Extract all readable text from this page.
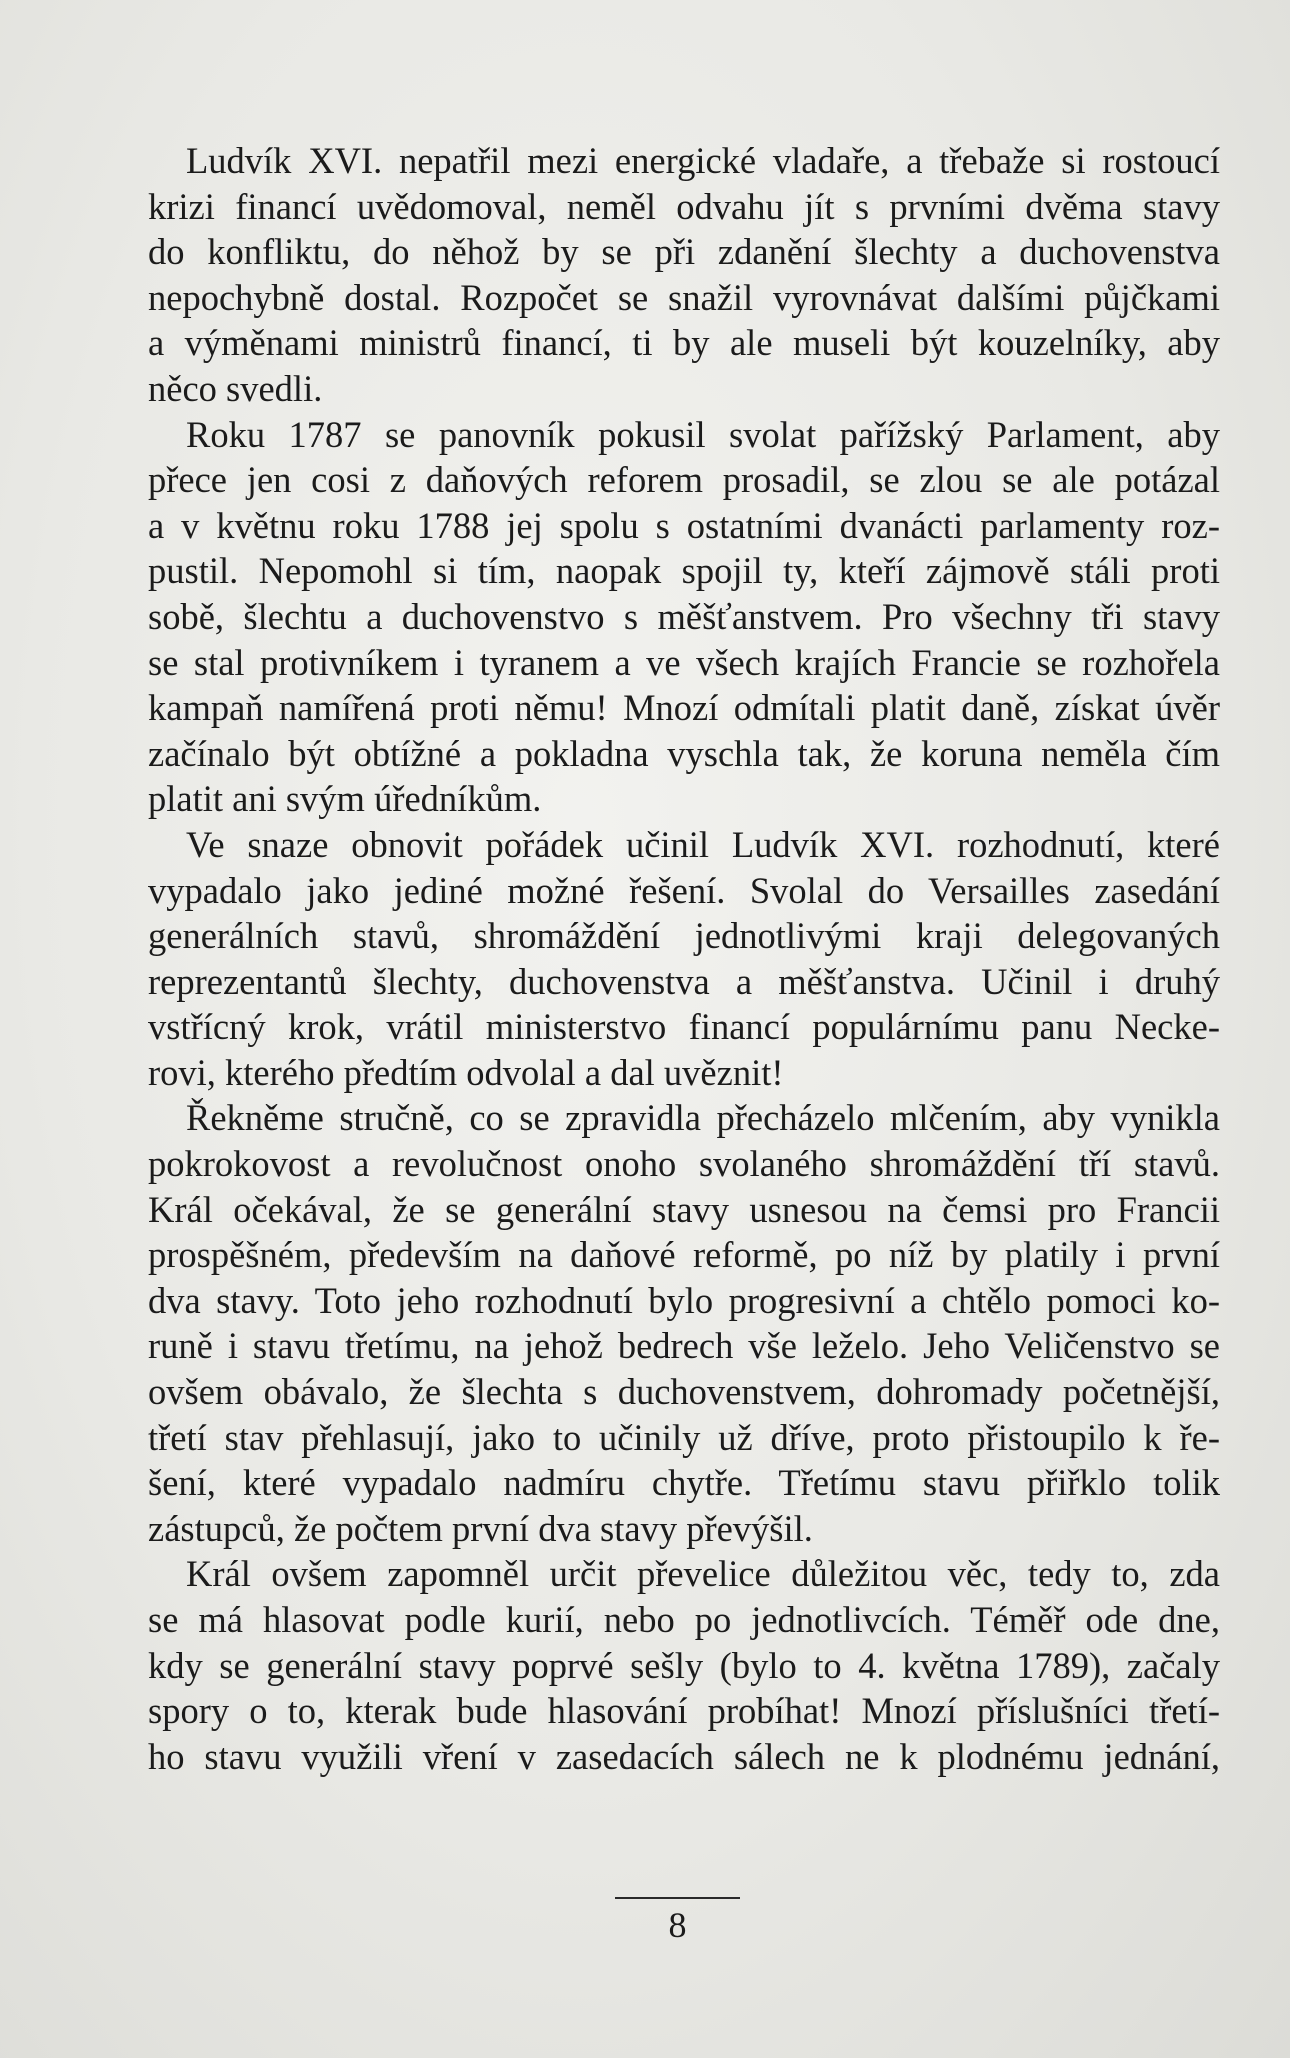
Ludvík XVI. nepatřil mezi energické vladaře, a třebaže si rostoucí
krizi financí uvědomoval, neměl odvahu jít s prvními dvěma stavy
do konfliktu, do něhož by se při zdanění šlechty a duchovenstva
nepochybně dostal. Rozpočet se snažil vyrovnávat dalšími půjčkami
a výměnami ministrů financí, ti by ale museli být kouzelníky, aby
něco svedli.

Roku 1787 se panovník pokusil svolat pařížský Parlament, aby
přece jen cosi z daňových reforem prosadil, se zlou se ale potázal
a v květnu roku 1788 jej spolu s ostatními dvanácti parlamenty roz-
pustil. Nepomohl si tím, naopak spojil ty, kteří zájmově stáli proti
sobě, šlechtu a duchovenstvo s měšťanstvem. Pro všechny tři stavy
se stal protivníkem i tyranem a ve všech krajích Francie se rozhořela
kampaň namířená proti němu! Mnozí odmítali platit daně, získat úvěr
začínalo být obtížné a pokladna vyschla tak, že koruna neměla čím
platit ani svým úředníkům.

Ve snaze obnovit pořádek učinil Ludvík XVI. rozhodnutí, které
vypadalo jako jediné možné řešení. Svolal do Versailles zasedání
generálních stavů, shromáždění jednotlivými kraji delegovaných
reprezentantů šlechty, duchovenstva a měšťanstva. Učinil i druhý
vstřícný krok, vrátil ministerstvo financí populárnímu panu Necke-
rovi, kterého předtím odvolal a dal uvěznit!

Řekněme stručně, co se zpravidla přecházelo mlčením, aby vynikla
pokrokovost a revolučnost onoho svolaného shromáždění tří stavů.
Král očekával, že se generální stavy usnesou na čemsi pro Francii
prospěšném, především na daňové reformě, po níž by platily i první
dva stavy. Toto jeho rozhodnutí bylo progresivní a chtělo pomoci ko-
runě i stavu třetímu, na jehož bedrech vše leželo. Jeho Veličenstvo se
ovšem obávalo, že šlechta s duchovenstvem, dohromady početnější,
třetí stav přehlasují, jako to učinily už dříve, proto přistoupilo k ře-
šení, které vypadalo nadmíru chytře. Třetímu stavu přiřklo tolik
zástupců, že počtem první dva stavy převýšil.

Král ovšem zapomněl určit převelice důležitou věc, tedy to, zda
se má hlasovat podle kurií, nebo po jednotlivcích. Téměř ode dne,
kdy se generální stavy poprvé sešly (bylo to 4. května 1789), začaly
spory o to, kterak bude hlasování probíhat! Mnozí příslušníci třetí-
ho stavu využili vření v zasedacích sálech ne k plodnému jednání,

8
